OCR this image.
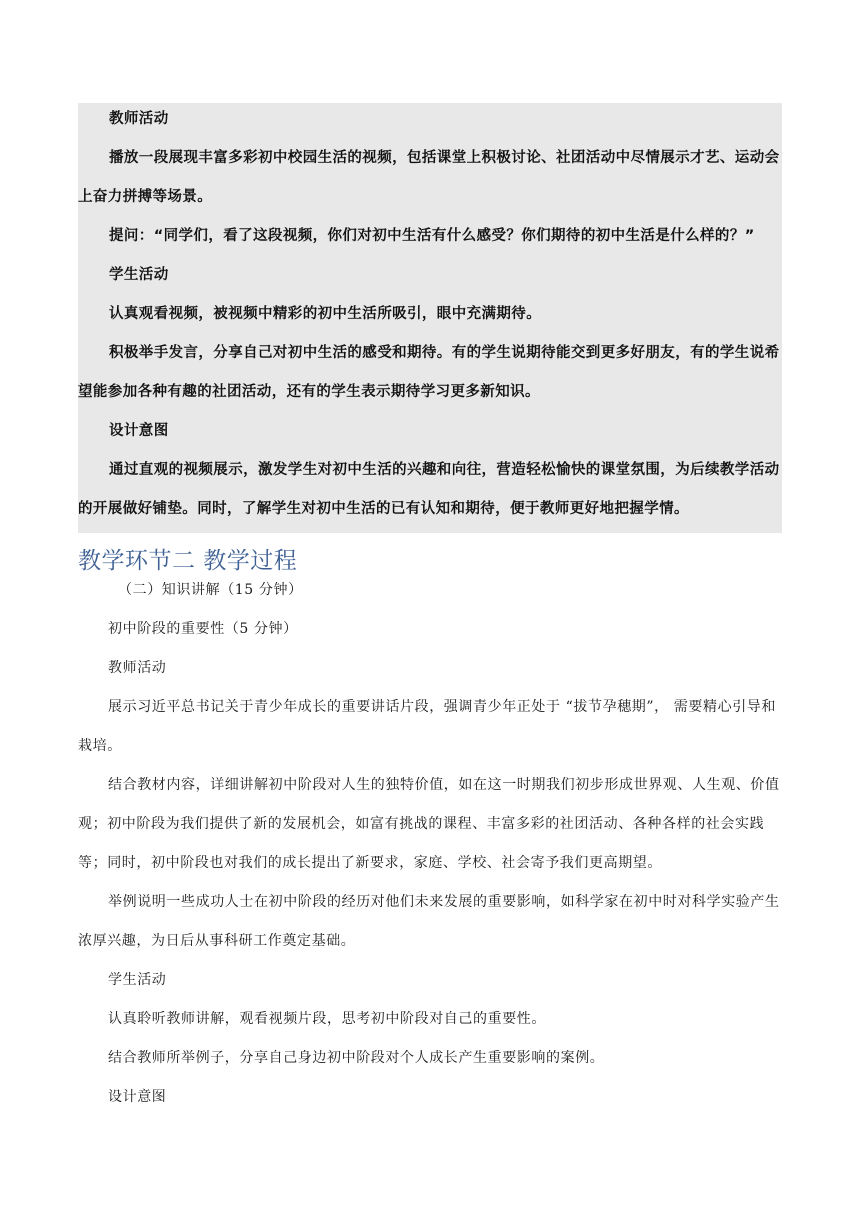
教师活动

播放一段展现丰富多彩初中校园生活的视频，包括课堂上积极讨论、社团活动中尽情展示才艺、运动会上奋力拼搏等场景。

提问：“同学们，看了这段视频，你们对初中生活有什么感受？你们期待的初中生活是什么样的？”

学生活动

认真观看视频，被视频中精彩的初中生活所吸引，眼中充满期待。

积极举手发言，分享自己对初中生活的感受和期待。有的学生说期待能交到更多好朋友，有的学生说希望能参加各种有趣的社团活动，还有的学生表示期待学习更多新知识。

设计意图

通过直观的视频展示，激发学生对初中生活的兴趣和向往，营造轻松愉快的课堂氛围，为后续教学活动的开展做好铺垫。同时，了解学生对初中生活的已有认知和期待，便于教师更好地把握学情。

教学环节二 教学过程

（二）知识讲解（15 分钟）

初中阶段的重要性（5 分钟）

教师活动

展示习近平总书记关于青少年成长的重要讲话片段，强调青少年正处于 “拔节孕穗期”， 需要精心引导和栽培。

结合教材内容，详细讲解初中阶段对人生的独特价值，如在这一时期我们初步形成世界观、人生观、价值观；初中阶段为我们提供了新的发展机会，如富有挑战的课程、丰富多彩的社团活动、各种各样的社会实践等；同时，初中阶段也对我们的成长提出了新要求，家庭、学校、社会寄予我们更高期望。

举例说明一些成功人士在初中阶段的经历对他们未来发展的重要影响，如科学家在初中时对科学实验产生浓厚兴趣，为日后从事科研工作奠定基础。

学生活动

认真聆听教师讲解，观看视频片段，思考初中阶段对自己的重要性。

结合教师所举例子，分享自己身边初中阶段对个人成长产生重要影响的案例。

设计意图
